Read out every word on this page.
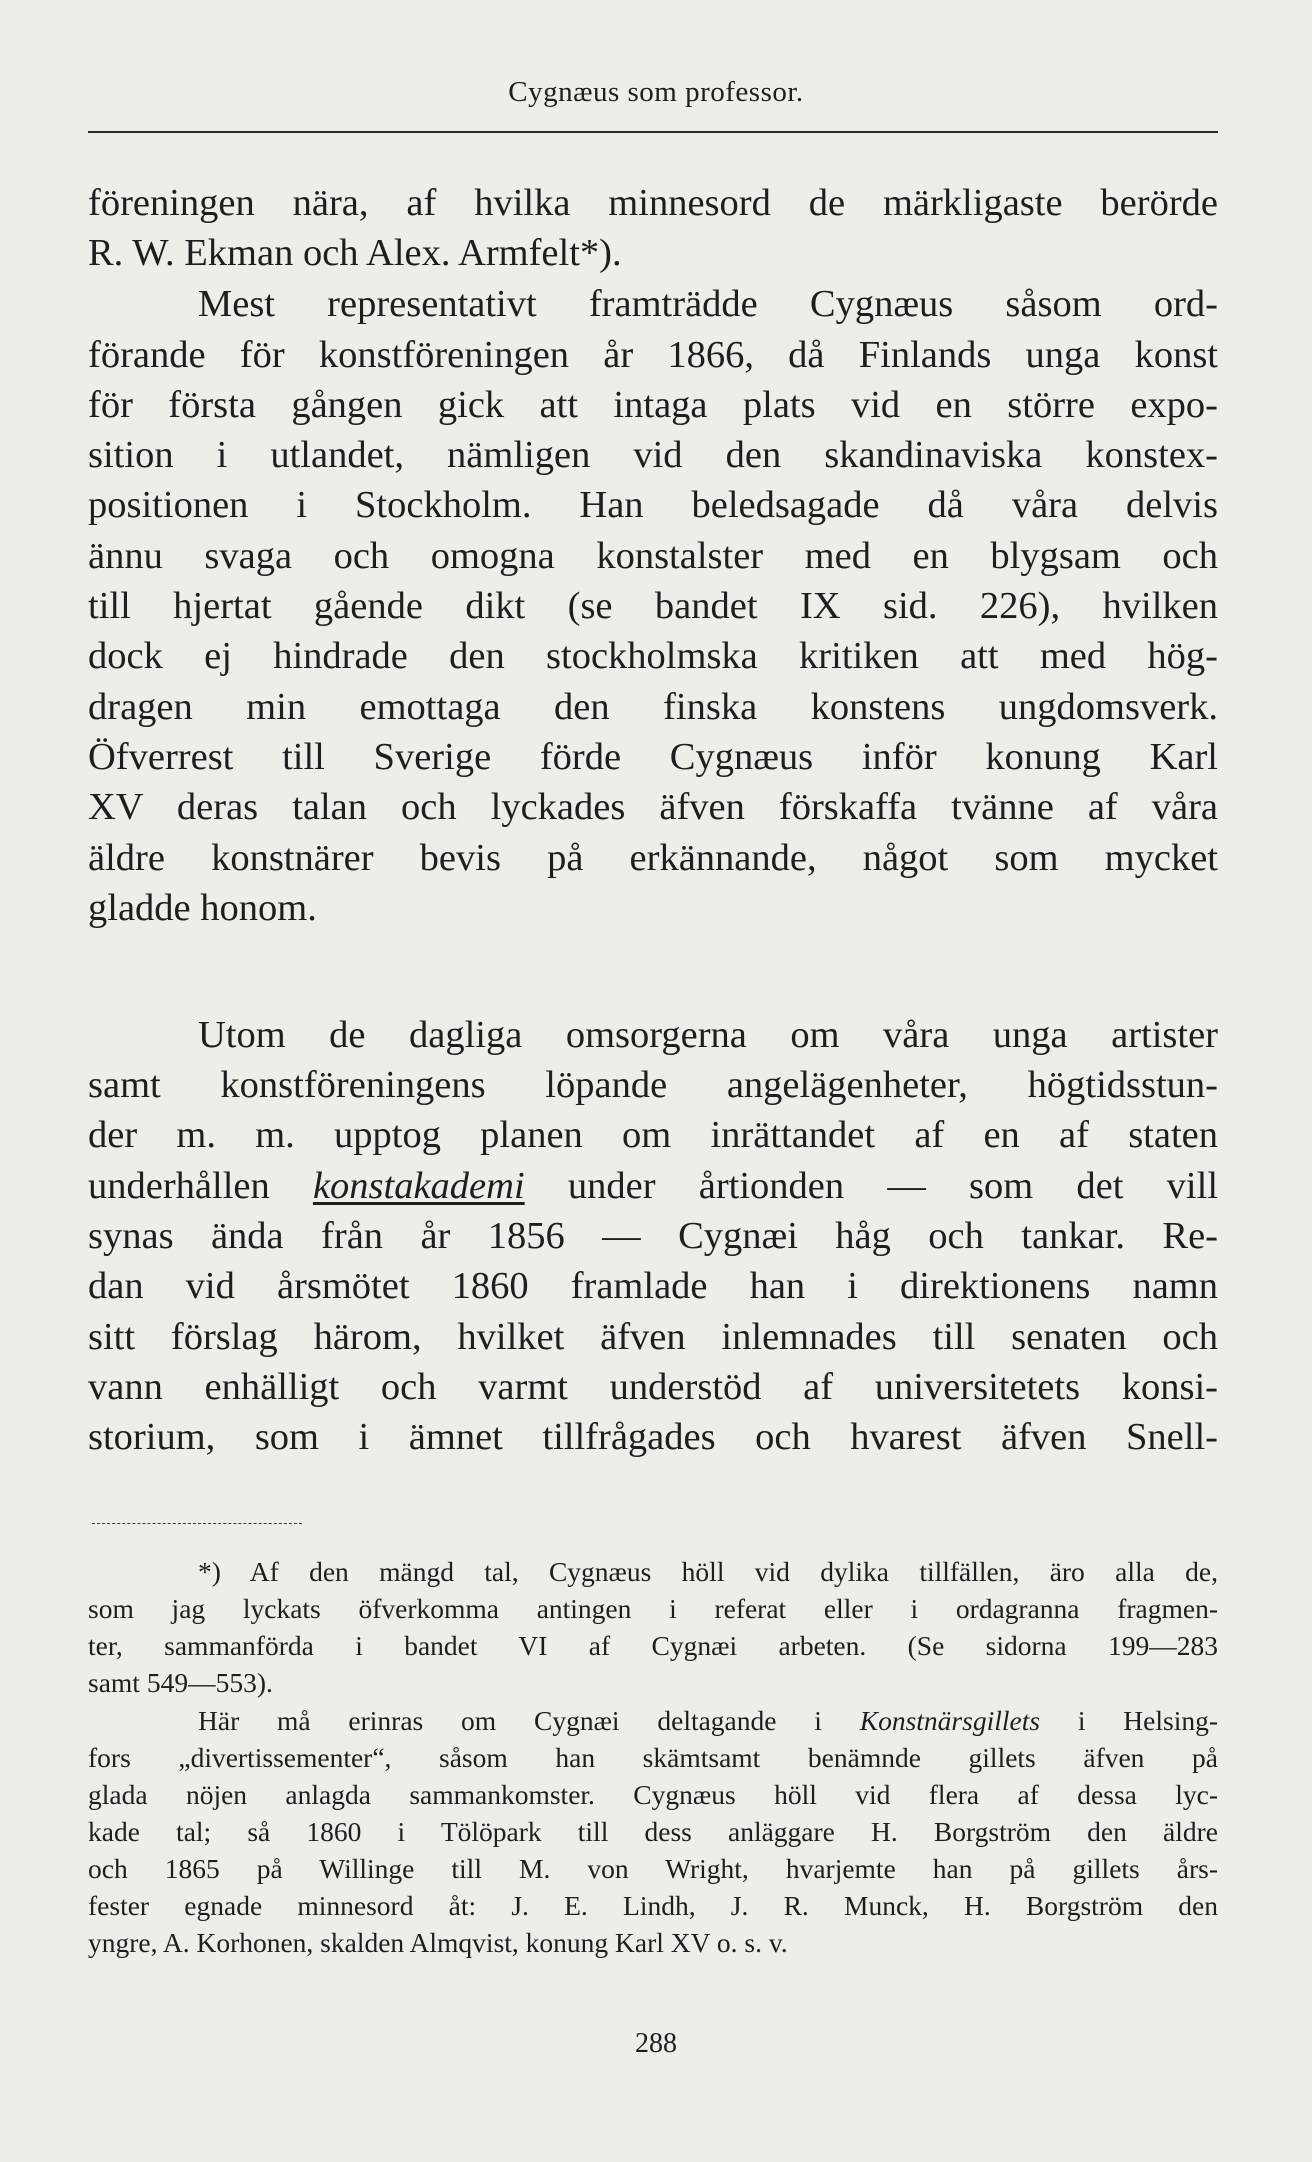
Cygnæus som professor.

föreningen nära, af hvilka minnesord de märkligaste berörde

R. W. Ekman och Alex. Armfelt*).

Mest representativt framträdde Cygnæus såsom ord-

förande för konstföreningen år 1866, då Finlands unga konst

för första gången gick att intaga plats vid en större expo-

sition i utlandet, nämligen vid den skandinaviska konstex-

positionen i Stockholm. Han beledsagade då våra delvis

ännu svaga och omogna konstalster med en blygsam och

till hjertat gående dikt (se bandet IX sid. 226), hvilken

dock ej hindrade den stockholmska kritiken att med hög-

dragen min emottaga den finska konstens ungdomsverk.

Öfverrest till Sverige förde Cygnæus inför konung Karl

XV deras talan och lyckades äfven förskaffa tvänne af våra

äldre konstnärer bevis på erkännande, något som mycket

gladde honom.

Utom de dagliga omsorgerna om våra unga artister

samt konstföreningens löpande angelägenheter, högtidsstun-

der m. m. upptog planen om inrättandet af en af staten

underhållen konstakademi under årtionden — som det vill

synas ända från år 1856 — Cygnæi håg och tankar. Re-

dan vid årsmötet 1860 framlade han i direktionens namn

sitt förslag härom, hvilket äfven inlemnades till senaten och

vann enhälligt och varmt understöd af universitetets konsi-

storium, som i ämnet tillfrågades och hvarest äfven Snell-

*) Af den mängd tal, Cygnæus höll vid dylika tillfällen, äro alla de,

som jag lyckats öfverkomma antingen i referat eller i ordagranna fragmen-

ter, sammanförda i bandet VI af Cygnæi arbeten. (Se sidorna 199—283

samt 549—553).

Här må erinras om Cygnæi deltagande i Konstnärsgillets i Helsing-

fors „divertissementer“, såsom han skämtsamt benämnde gillets äfven på

glada nöjen anlagda sammankomster. Cygnæus höll vid flera af dessa lyc-

kade tal; så 1860 i Tölöpark till dess anläggare H. Borgström den äldre

och 1865 på Willinge till M. von Wright, hvarjemte han på gillets års-

fester egnade minnesord åt: J. E. Lindh, J. R. Munck, H. Borgström den

yngre, A. Korhonen, skalden Almqvist, konung Karl XV o. s. v.

288
